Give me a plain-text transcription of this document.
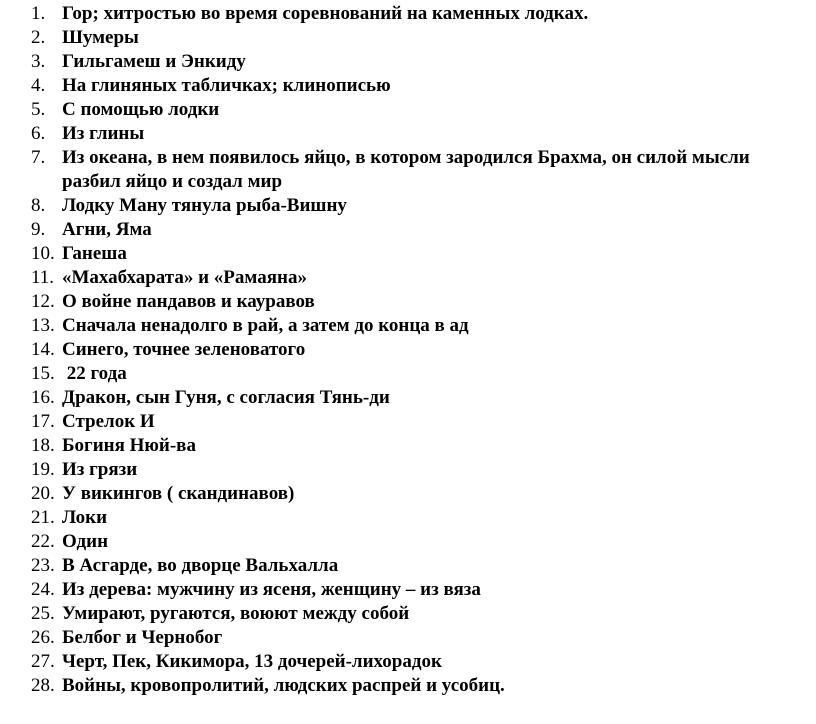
1. Гор; хитростью во время соревнований на каменных лодках.
2. Шумеры
3. Гильгамеш и Энкиду
4. На глиняных табличках; клинописью
5. С помощью лодки
6. Из глины
7. Из океана, в нем появилось яйцо, в котором зародился Брахма, он силой мысли разбил яйцо и создал мир
8. Лодку Ману тянула рыба-Вишну
9. Агни, Яма
10. Ганеша
11. «Махабхарата» и «Рамаяна»
12. О войне пандавов и кауравов
13. Сначала ненадолго в рай, а затем до конца в ад
14. Синего, точнее зеленоватого
15. 22 года
16. Дракон, сын Гуня, с согласия Тянь-ди
17. Стрелок И
18. Богиня Нюй-ва
19. Из грязи
20. У викингов ( скандинавов)
21. Локи
22. Один
23. В Асгарде, во дворце Вальхалла
24. Из дерева: мужчину из ясеня, женщину – из вяза
25. Умирают, ругаются, воюют между собой
26. Белбог и Чернобог
27. Черт, Пек, Кикимора, 13 дочерей-лихорадок
28. Войны, кровопролитий, людских распрей и усобиц.
